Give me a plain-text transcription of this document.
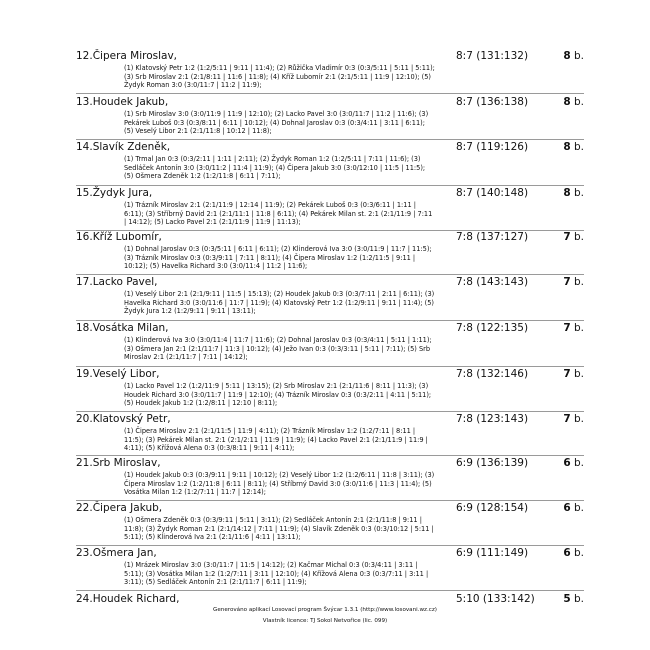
12.Čipera Miroslav,	8:7 (131:132)	8 b.
(1) Klatovský Petr 1:2 (1:2/5:11 | 9:11 | 11:4); (2) Růžička Vladimír 0:3 (0:3/5:11 | 5:11 | 5:11);
(3) Srb Miroslav 2:1 (2:1/8:11 | 11:6 | 11:8); (4) Kříž Lubomír 2:1 (2:1/5:11 | 11:9 | 12:10); (5)
Žydyk Roman 3:0 (3:0/11:7 | 11:2 | 11:9);
13.Houdek Jakub,	8:7 (136:138)	8 b.
(1) Srb Miroslav 3:0 (3:0/11:9 | 11:9 | 12:10); (2) Lacko Pavel 3:0 (3:0/11:7 | 11:2 | 11:6); (3)
Pekárek Luboš 0:3 (0:3/8:11 | 6:11 | 10:12); (4) Dohnal Jaroslav 0:3 (0:3/4:11 | 3:11 | 6:11);
(5) Veselý Libor 2:1 (2:1/11:8 | 10:12 | 11:8);
14.Slavík Zdeněk,	8:7 (119:126)	8 b.
(1) Trmal Jan 0:3 (0:3/2:11 | 1:11 | 2:11); (2) Žydyk Roman 1:2 (1:2/5:11 | 7:11 | 11:6); (3)
Sedláček Antonín 3:0 (3:0/11:2 | 11:4 | 11:9); (4) Čipera Jakub 3:0 (3:0/12:10 | 11:5 | 11:5);
(5) Ošmera Zdeněk 1:2 (1:2/11:8 | 6:11 | 7:11);
15.Žydyk Jura,	8:7 (140:148)	8 b.
(1) Trázník Miroslav 2:1 (2:1/11:9 | 12:14 | 11:9); (2) Pekárek Luboš 0:3 (0:3/6:11 | 1:11 |
6:11); (3) Stříbrný David 2:1 (2:1/11:1 | 11:8 | 6:11); (4) Pekárek Milan st. 2:1 (2:1/11:9 | 7:11
| 14:12); (5) Lacko Pavel 2:1 (2:1/11:9 | 11:9 | 11:13);
16.Kříž Lubomír,	7:8 (137:127)	7 b.
(1) Dohnal Jaroslav 0:3 (0:3/5:11 | 6:11 | 6:11); (2) Klinderová Iva 3:0 (3:0/11:9 | 11:7 | 11:5);
(3) Trázník Miroslav 0:3 (0:3/9:11 | 7:11 | 8:11); (4) Čipera Miroslav 1:2 (1:2/11:5 | 9:11 |
10:12); (5) Havelka Richard 3:0 (3:0/11:4 | 11:2 | 11:6);
17.Lacko Pavel,	7:8 (143:143)	7 b.
(1) Veselý Libor 2:1 (2:1/9:11 | 11:5 | 15:13); (2) Houdek Jakub 0:3 (0:3/7:11 | 2:11 | 6:11); (3)
Havelka Richard 3:0 (3:0/11:6 | 11:7 | 11:9); (4) Klatovský Petr 1:2 (1:2/9:11 | 9:11 | 11:4); (5)
Žydyk Jura 1:2 (1:2/9:11 | 9:11 | 13:11);
18.Vosátka Milan,	7:8 (122:135)	7 b.
(1) Klinderová Iva 3:0 (3:0/11:4 | 11:7 | 11:6); (2) Dohnal Jaroslav 0:3 (0:3/4:11 | 5:11 | 1:11);
(3) Ošmera Jan 2:1 (2:1/11:7 | 11:3 | 10:12); (4) Ježo Ivan 0:3 (0:3/3:11 | 5:11 | 7:11); (5) Srb
Miroslav 2:1 (2:1/11:7 | 7:11 | 14:12);
19.Veselý Libor,	7:8 (132:146)	7 b.
(1) Lacko Pavel 1:2 (1:2/11:9 | 5:11 | 13:15); (2) Srb Miroslav 2:1 (2:1/11:6 | 8:11 | 11:3); (3)
Houdek Richard 3:0 (3:0/11:7 | 11:9 | 12:10); (4) Trázník Miroslav 0:3 (0:3/2:11 | 4:11 | 5:11);
(5) Houdek Jakub 1:2 (1:2/8:11 | 12:10 | 8:11);
20.Klatovský Petr,	7:8 (123:143)	7 b.
(1) Čipera Miroslav 2:1 (2:1/11:5 | 11:9 | 4:11); (2) Trázník Miroslav 1:2 (1:2/7:11 | 8:11 |
11:5); (3) Pekárek Milan st. 2:1 (2:1/2:11 | 11:9 | 11:9); (4) Lacko Pavel 2:1 (2:1/11:9 | 11:9 |
4:11); (5) Křížová Alena 0:3 (0:3/8:11 | 9:11 | 4:11);
21.Srb Miroslav,	6:9 (136:139)	6 b.
(1) Houdek Jakub 0:3 (0:3/9:11 | 9:11 | 10:12); (2) Veselý Libor 1:2 (1:2/6:11 | 11:8 | 3:11); (3)
Čipera Miroslav 1:2 (1:2/11:8 | 6:11 | 8:11); (4) Stříbrný David 3:0 (3:0/11:6 | 11:3 | 11:4); (5)
Vosátka Milan 1:2 (1:2/7:11 | 11:7 | 12:14);
22.Čipera Jakub,	6:9 (128:154)	6 b.
(1) Ošmera Zdeněk 0:3 (0:3/9:11 | 5:11 | 3:11); (2) Sedláček Antonín 2:1 (2:1/11:8 | 9:11 |
11:8); (3) Žydyk Roman 2:1 (2:1/14:12 | 7:11 | 11:9); (4) Slavík Zdeněk 0:3 (0:3/10:12 | 5:11 |
5:11); (5) Klinderová Iva 2:1 (2:1/11:6 | 4:11 | 13:11);
23.Ošmera Jan,	6:9 (111:149)	6 b.
(1) Mrázek Miroslav 3:0 (3:0/11:7 | 11:5 | 14:12); (2) Kačmar Michal 0:3 (0:3/4:11 | 3:11 |
5:11); (3) Vosátka Milan 1:2 (1:2/7:11 | 3:11 | 12:10); (4) Křížová Alena 0:3 (0:3/7:11 | 3:11 |
3:11); (5) Sedláček Antonín 2:1 (2:1/11:7 | 6:11 | 11:9);
24.Houdek Richard,	5:10 (133:142)	5 b.
Generováno aplikací Losovací program Švýcar 1.3.1 (http://www.losovani.wz.cz)
Vlastník licence: TJ Sokol Netvořice (lic. 099)
